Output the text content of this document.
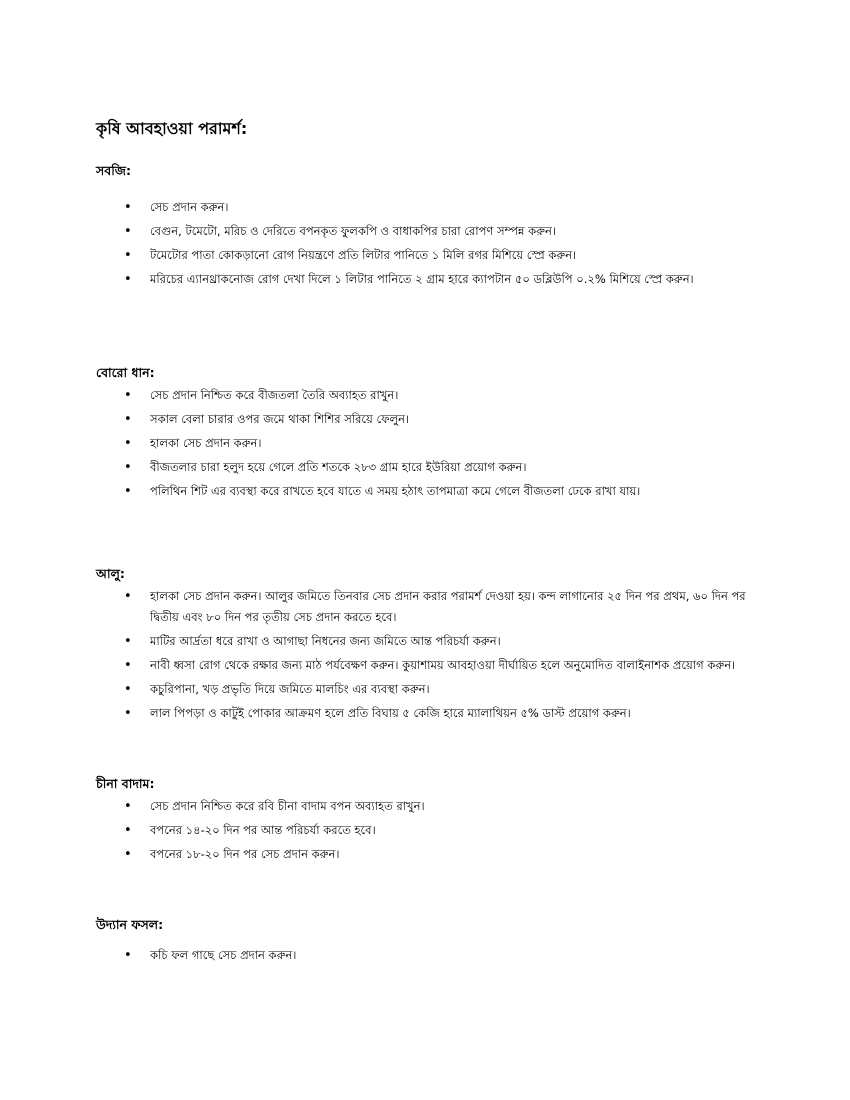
কৃষি আবহাওয়া পরামর্শ:
সবজি:
• সেচ প্রদান করুন।
• বেগুন, টমেটো, মরিচ ও দেরিতে বপনকৃত ফুলকপি ও বাধাকপির চারা রোপণ সম্পন্ন করুন।
• টমেটোর পাতা কোকড়ানো রোগ নিয়ন্ত্রণে প্রতি লিটার পানিতে ১ মিলি রগর মিশিয়ে স্প্রে করুন।
• মরিচের এ্যানথ্রাকনোজ রোগ দেখা দিলে ১ লিটার পানিতে ২ গ্রাম হারে ক্যাপটান ৫০ ডব্লিউপি ০.২% মিশিয়ে স্প্রে করুন।
বোরো ধান:
• সেচ প্রদান নিশ্চিত করে বীজতলা তৈরি অব্যাহত রাখুন।
• সকাল বেলা চারার ওপর জমে থাকা শিশির সরিয়ে ফেলুন।
• হালকা সেচ প্রদান করুন।
• বীজতলার চারা হলুদ হয়ে গেলে প্রতি শতকে ২৮৩ গ্রাম হারে ইউরিয়া প্রয়োগ করুন।
• পলিথিন শিট এর ব্যবস্থা করে রাখতে হবে যাতে এ সময় হঠাৎ তাপমাত্রা কমে গেলে বীজতলা ঢেকে রাখা যায়।
আলু:
• হালকা সেচ প্রদান করুন। আলুর জমিতে তিনবার সেচ প্রদান করার পরামর্শ দেওয়া হয়। কন্দ লাগানোর ২৫ দিন পর প্রথম, ৬০ দিন পর দ্বিতীয় এবং ৮০ দিন পর তৃতীয় সেচ প্রদান করতে হবে।
• মাটির আর্দ্রতা ধরে রাখা ও আগাছা নিধনের জন্য জমিতে আন্ত পরিচর্যা করুন।
• নাবী ধ্বসা রোগ থেকে রক্ষার জন্য মাঠ পর্যবেক্ষণ করুন। কুয়াশাময় আবহাওয়া দীর্ঘায়িত হলে অনুমোদিত বালাইনাশক প্রয়োগ করুন।
• কচুরিপানা, খড় প্রভৃতি দিয়ে জমিতে মালচিং এর ব্যবস্থা করুন।
• লাল পিপড়া ও কাটুই পোকার আক্রমণ হলে প্রতি বিঘায় ৫ কেজি হারে ম্যালাথিয়ন ৫% ডাস্ট প্রয়োগ করুন।
চীনা বাদাম:
• সেচ প্রদান নিশ্চিত করে রবি চীনা বাদাম বপন অব্যাহত রাখুন।
• বপনের ১৪-২০ দিন পর আন্ত পরিচর্যা করতে হবে।
• বপনের ১৮-২০ দিন পর সেচ প্রদান করুন।
উদ্যান ফসল:
• কচি ফল গাছে সেচ প্রদান করুন।
